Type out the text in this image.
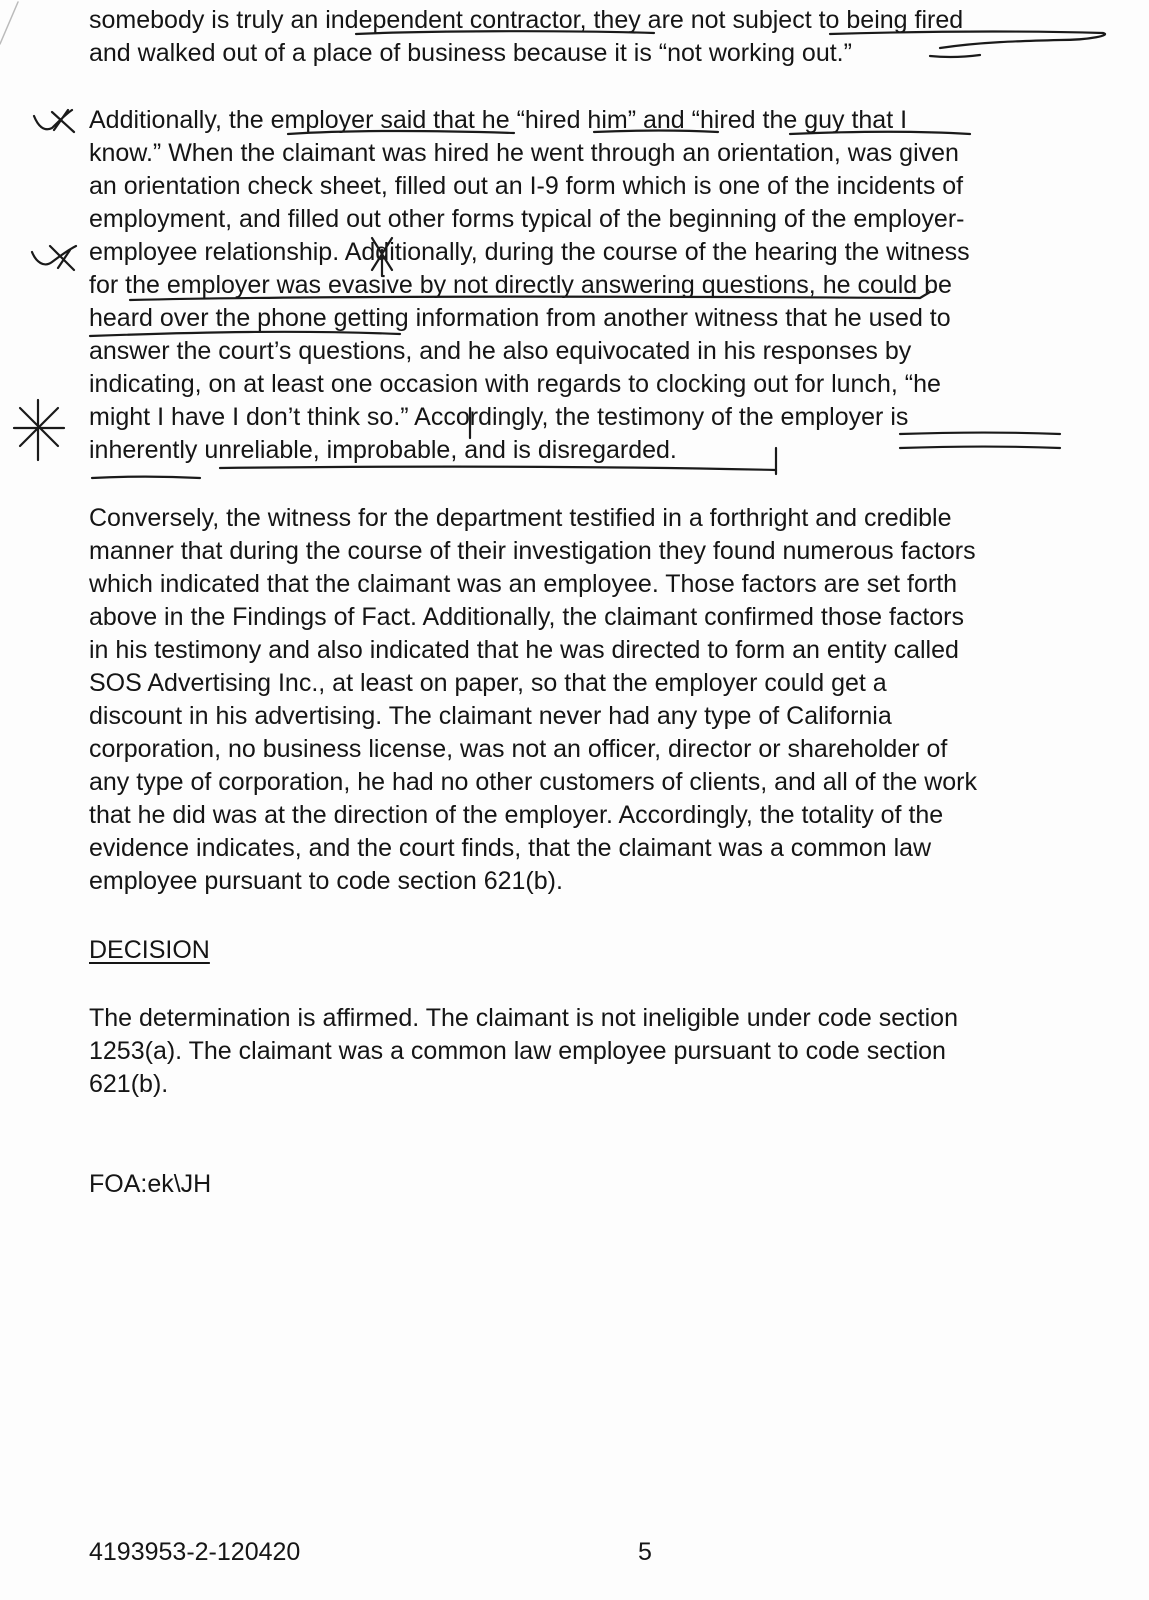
somebody is truly an independent contractor, they are not subject to being fired
and walked out of a place of business because it is “not working out.”
Additionally, the employer said that he “hired him” and “hired the guy that I
know.” When the claimant was hired he went through an orientation, was given
an orientation check sheet, filled out an I-9 form which is one of the incidents of
employment, and filled out other forms typical of the beginning of the employer-
employee relationship. Additionally, during the course of the hearing the witness
for the employer was evasive by not directly answering questions, he could be
heard over the phone getting information from another witness that he used to
answer the court’s questions, and he also equivocated in his responses by
indicating, on at least one occasion with regards to clocking out for lunch, “he
might I have I don’t think so.” Accordingly, the testimony of the employer is
inherently unreliable, improbable, and is disregarded.
Conversely, the witness for the department testified in a forthright and credible
manner that during the course of their investigation they found numerous factors
which indicated that the claimant was an employee. Those factors are set forth
above in the Findings of Fact. Additionally, the claimant confirmed those factors
in his testimony and also indicated that he was directed to form an entity called
SOS Advertising Inc., at least on paper, so that the employer could get a
discount in his advertising. The claimant never had any type of California
corporation, no business license, was not an officer, director or shareholder of
any type of corporation, he had no other customers of clients, and all of the work
that he did was at the direction of the employer. Accordingly, the totality of the
evidence indicates, and the court finds, that the claimant was a common law
employee pursuant to code section 621(b).
DECISION
The determination is affirmed. The claimant is not ineligible under code section
1253(a). The claimant was a common law employee pursuant to code section
621(b).
FOA:ek\JH
4193953-2-120420	5
